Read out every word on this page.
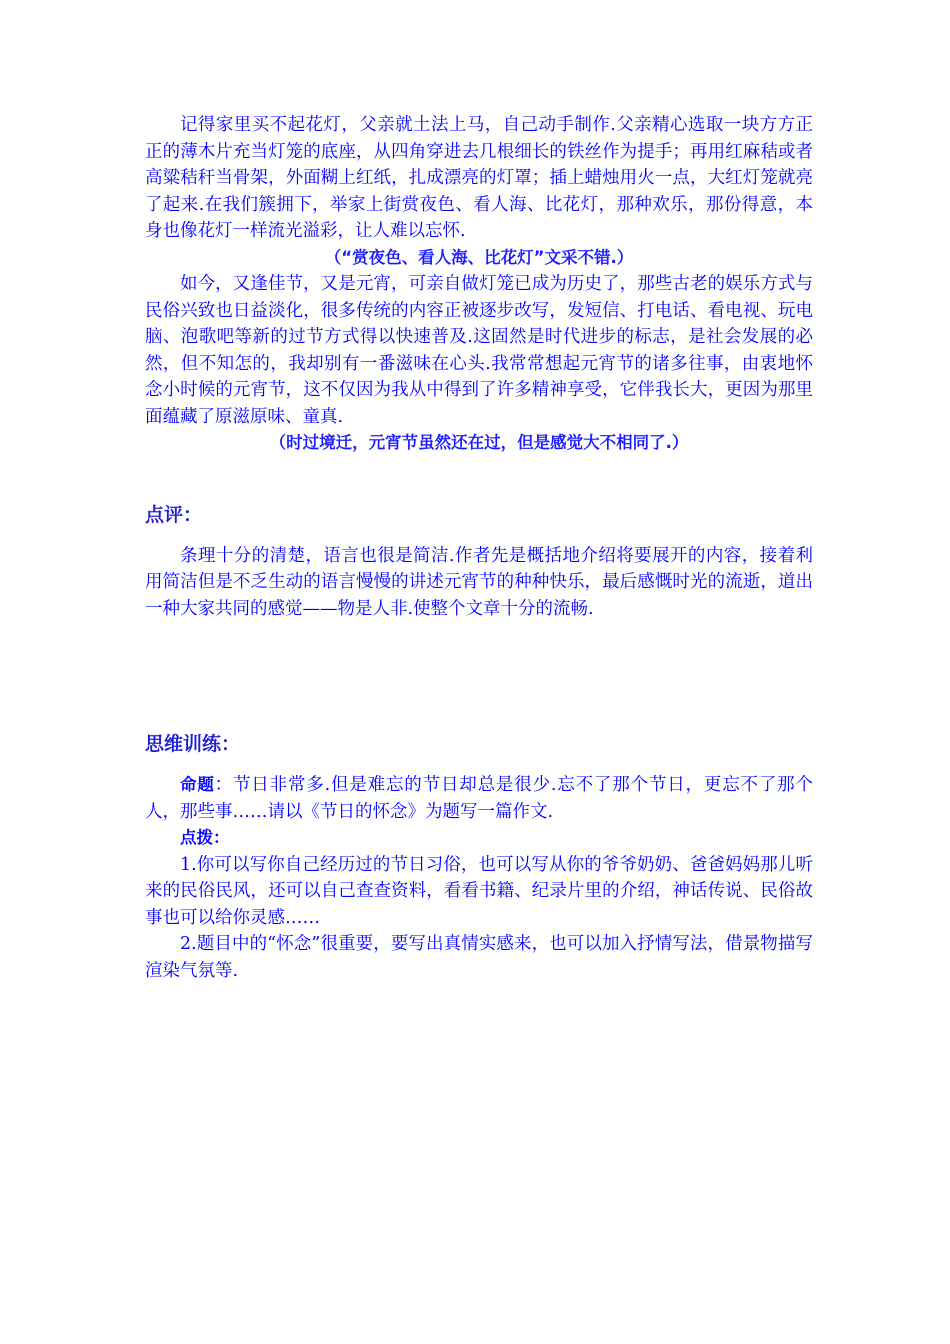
记得家里买不起花灯，父亲就土法上马，自己动手制作.父亲精心选取一块方方正正的薄木片充当灯笼的底座，从四角穿进去几根细长的铁丝作为提手；再用红麻秸或者高粱秸秆当骨架，外面糊上红纸，扎成漂亮的灯罩；插上蜡烛用火一点，大红灯笼就亮了起来.在我们簇拥下，举家上街赏夜色、看人海、比花灯，那种欢乐，那份得意，本身也像花灯一样流光溢彩，让人难以忘怀.

（“赏夜色、看人海、比花灯”文采不错.）

如今，又逢佳节，又是元宵，可亲自做灯笼已成为历史了，那些古老的娱乐方式与民俗兴致也日益淡化，很多传统的内容正被逐步改写，发短信、打电话、看电视、玩电脑、泡歌吧等新的过节方式得以快速普及.这固然是时代进步的标志，是社会发展的必然，但不知怎的，我却别有一番滋味在心头.我常常想起元宵节的诸多往事，由衷地怀念小时候的元宵节，这不仅因为我从中得到了许多精神享受，它伴我长大，更因为那里面蕴藏了原滋原味、童真.

（时过境迁，元宵节虽然还在过，但是感觉大不相同了.）

点评：

条理十分的清楚，语言也很是简洁.作者先是概括地介绍将要展开的内容，接着利用简洁但是不乏生动的语言慢慢的讲述元宵节的种种快乐，最后感慨时光的流逝，道出一种大家共同的感觉——物是人非.使整个文章十分的流畅.

思维训练：

命题：节日非常多.但是难忘的节日却总是很少.忘不了那个节日，更忘不了那个人，那些事……请以《节日的怀念》为题写一篇作文.

点拨：

1.你可以写你自己经历过的节日习俗，也可以写从你的爷爷奶奶、爸爸妈妈那儿听来的民俗民风，还可以自己查查资料，看看书籍、纪录片里的介绍，神话传说、民俗故事也可以给你灵感……

2.题目中的“怀念”很重要，要写出真情实感来，也可以加入抒情写法，借景物描写渲染气氛等.
